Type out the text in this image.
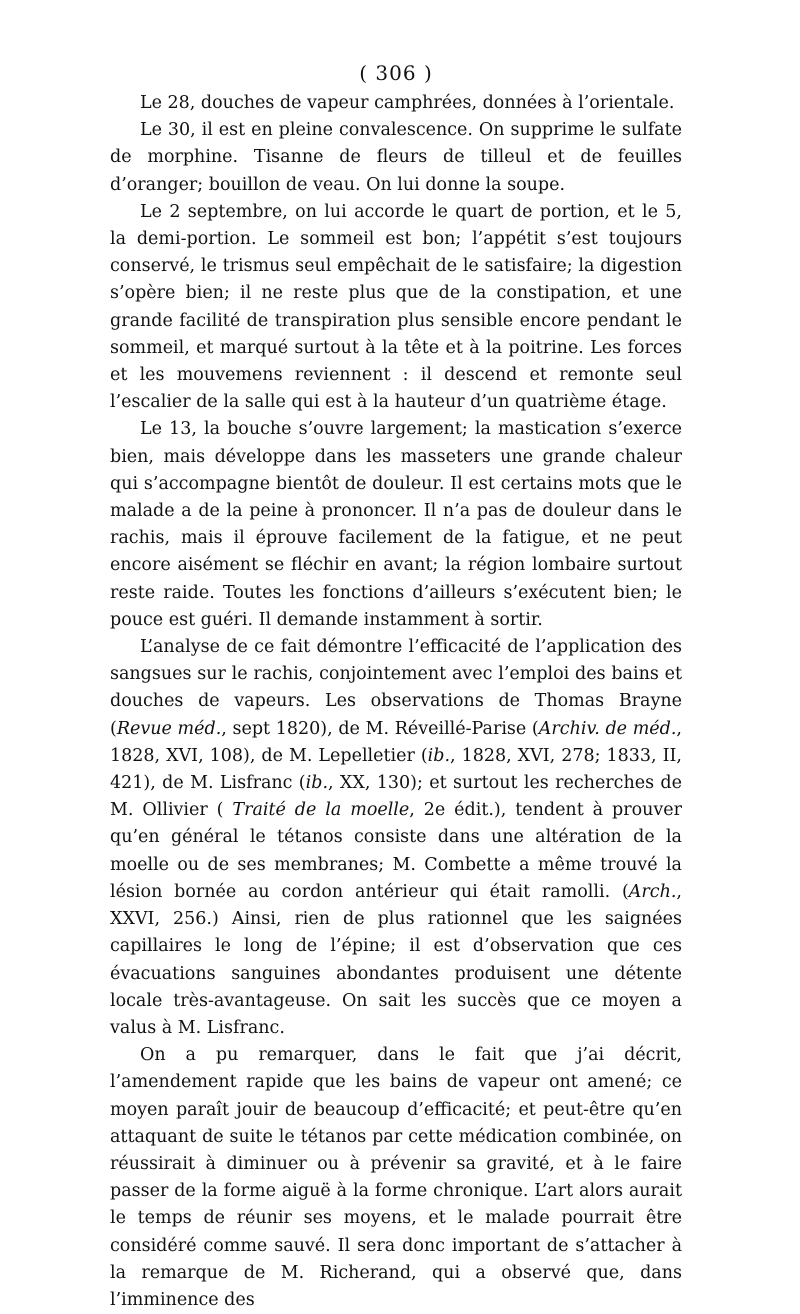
( 306 )

Le 28, douches de vapeur camphrées, données à l’orientale.

Le 30, il est en pleine convalescence. On supprime le sulfate de morphine. Tisanne de fleurs de tilleul et de feuilles d’oranger; bouillon de veau. On lui donne la soupe.

Le 2 septembre, on lui accorde le quart de portion, et le 5, la demi-portion. Le sommeil est bon; l’appétit s’est toujours conservé, le trismus seul empêchait de le satisfaire; la digestion s’opère bien; il ne reste plus que de la constipation, et une grande facilité de transpiration plus sensible encore pendant le sommeil, et marqué surtout à la tête et à la poitrine. Les forces et les mouvemens reviennent : il descend et remonte seul l’escalier de la salle qui est à la hauteur d’un quatrième étage.

Le 13, la bouche s’ouvre largement; la mastication s’exerce bien, mais développe dans les masseters une grande chaleur qui s’accompagne bientôt de douleur. Il est certains mots que le malade a de la peine à prononcer. Il n’a pas de douleur dans le rachis, mais il éprouve facilement de la fatigue, et ne peut encore aisément se fléchir en avant; la région lombaire surtout reste raide. Toutes les fonctions d’ailleurs s’exécutent bien; le pouce est guéri. Il demande instamment à sortir.

L’analyse de ce fait démontre l’efficacité de l’application des sangsues sur le rachis, conjointement avec l’emploi des bains et douches de vapeurs. Les observations de Thomas Brayne (Revue méd., sept 1820), de M. Réveillé-Parise (Archiv. de méd., 1828, XVI, 108), de M. Lepelletier (ib., 1828, XVI, 278; 1833, II, 421), de M. Lisfranc (ib., XX, 130); et surtout les recherches de M. Ollivier ( Traité de la moelle, 2e édit.), tendent à prouver qu’en général le tétanos consiste dans une altération de la moelle ou de ses membranes; M. Combette a même trouvé la lésion bornée au cordon antérieur qui était ramolli. (Arch., XXVI, 256.) Ainsi, rien de plus rationnel que les saignées capillaires le long de l’épine; il est d’observation que ces évacuations sanguines abondantes produisent une détente locale très-avantageuse. On sait les succès que ce moyen a valus à M. Lisfranc.

On a pu remarquer, dans le fait que j’ai décrit, l’amendement rapide que les bains de vapeur ont amené; ce moyen paraît jouir de beaucoup d’efficacité; et peut-être qu’en attaquant de suite le tétanos par cette médication combinée, on réussirait à diminuer ou à prévenir sa gravité, et à le faire passer de la forme aiguë à la forme chronique. L’art alors aurait le temps de réunir ses moyens, et le malade pourrait être considéré comme sauvé. Il sera donc important de s’attacher à la remarque de M. Richerand, qui a observé que, dans l’imminence des
